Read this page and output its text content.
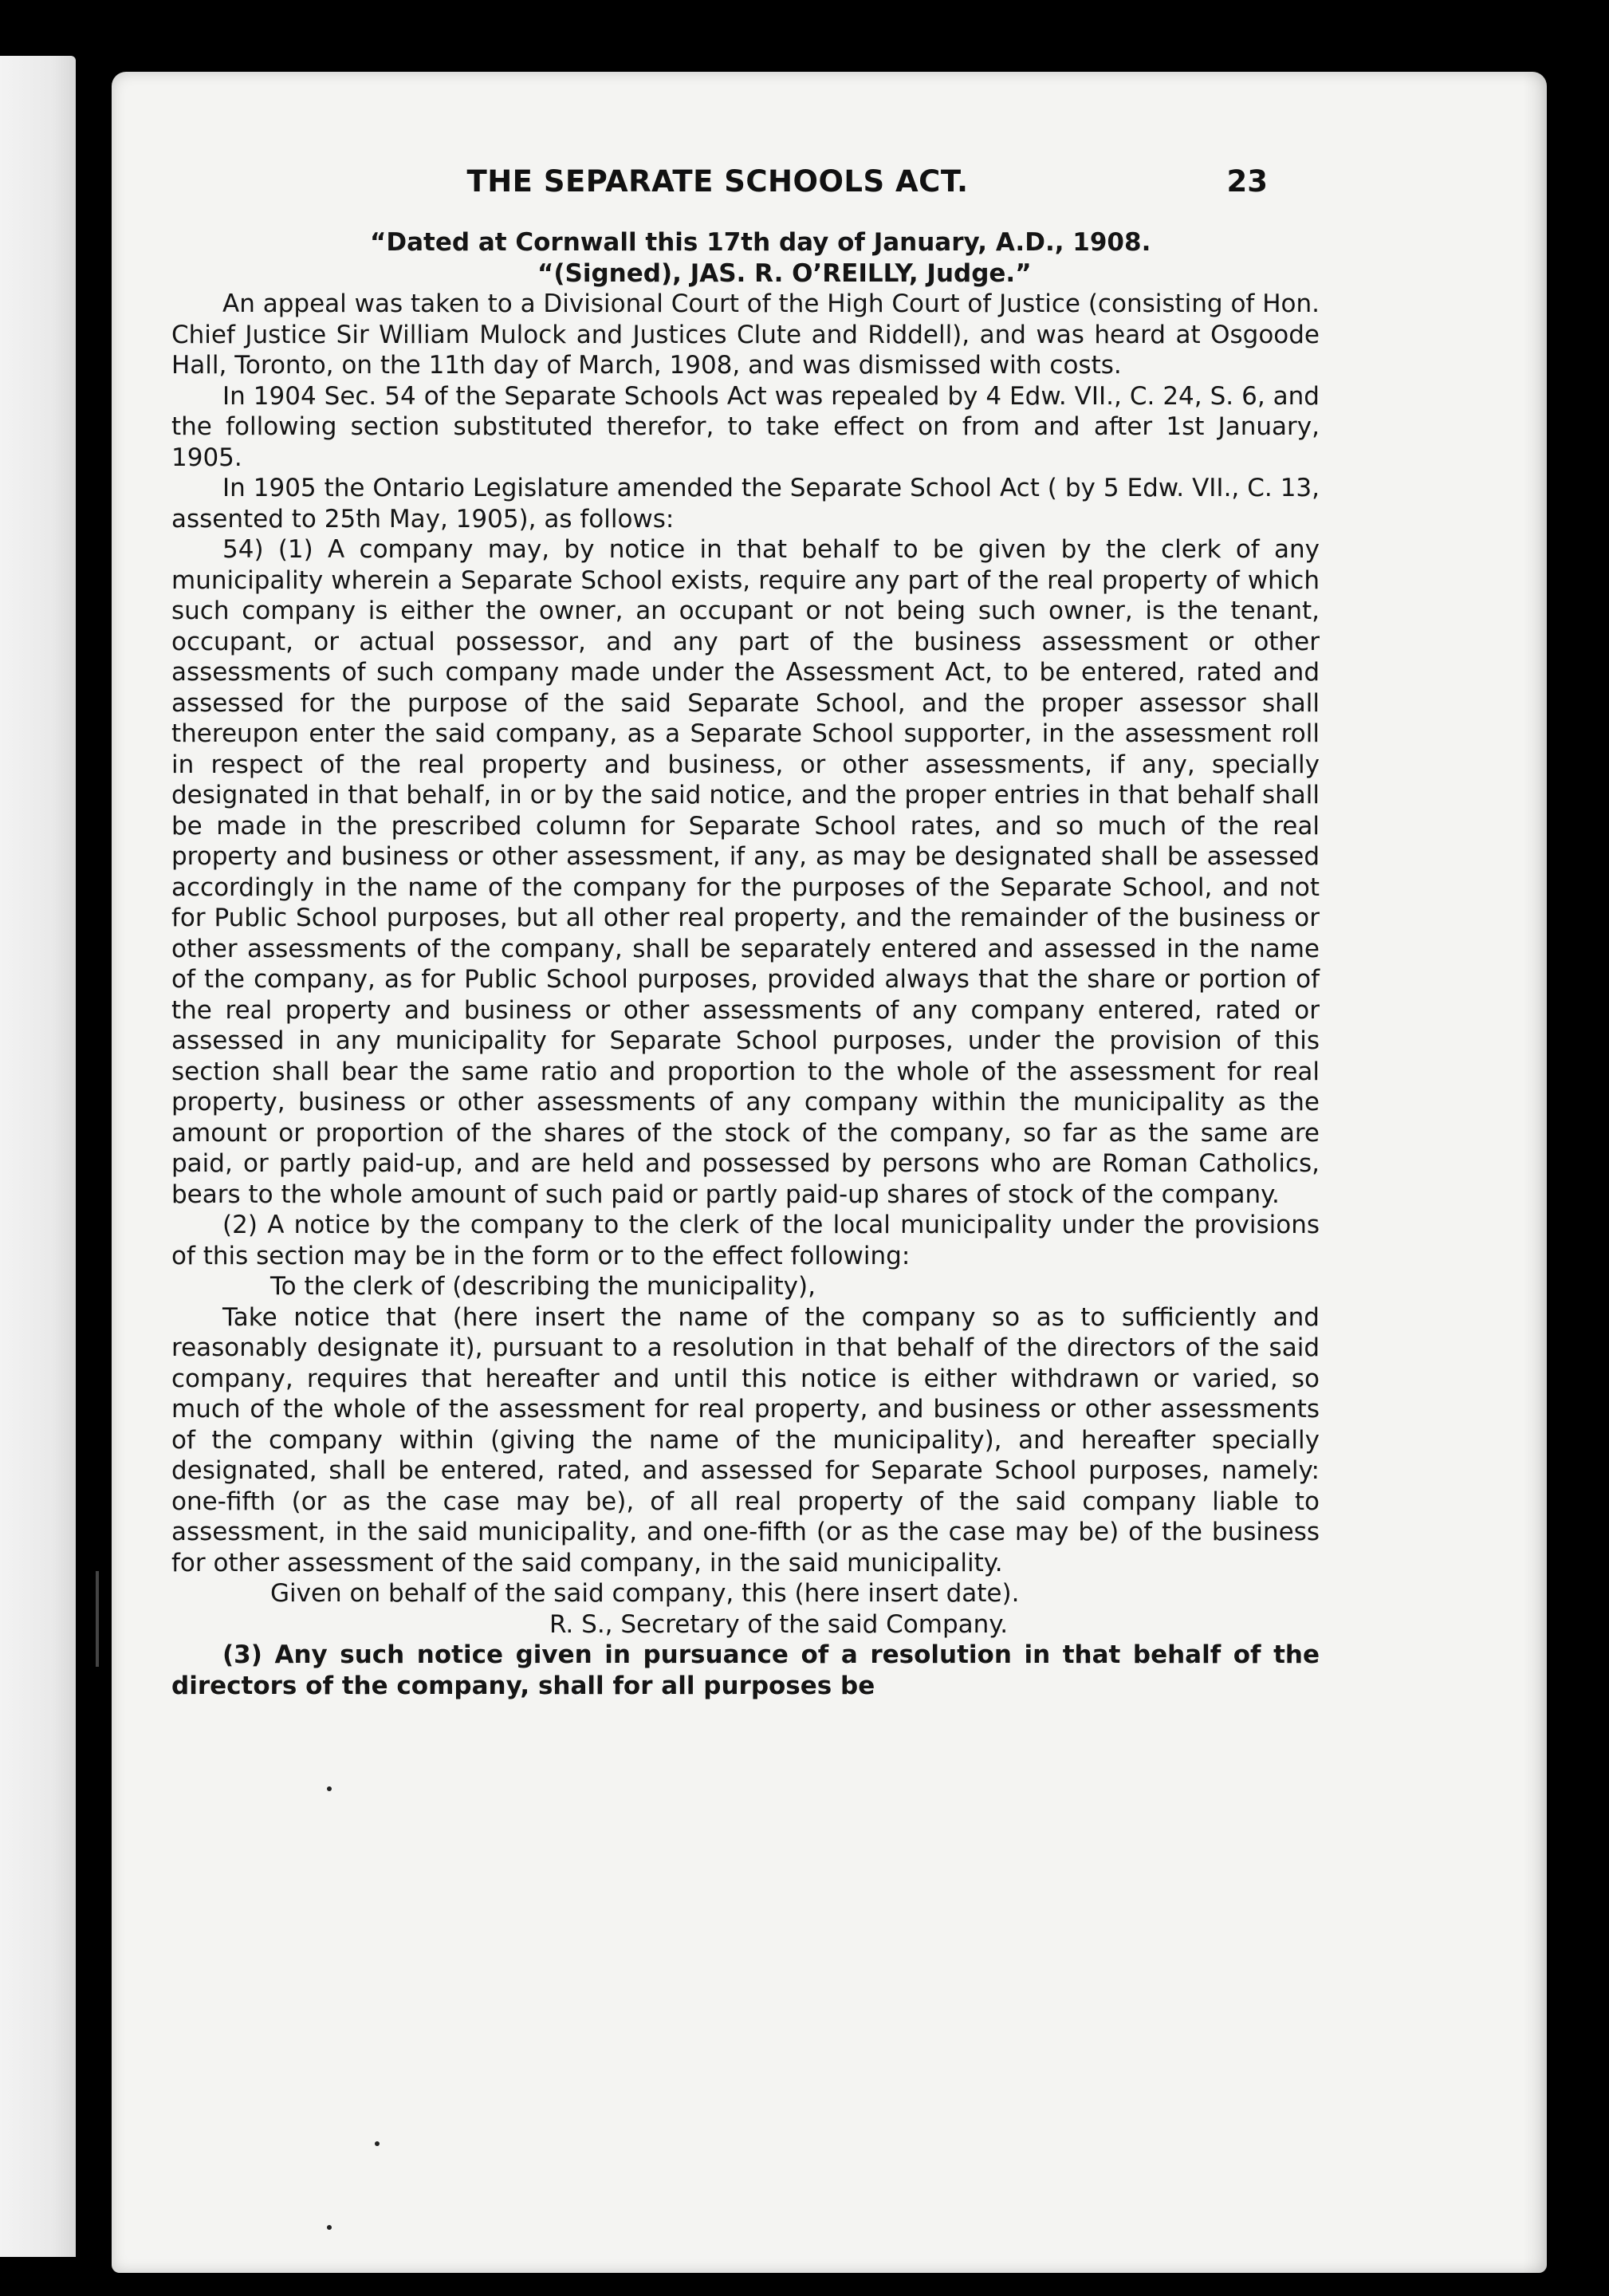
THE SEPARATE SCHOOLS ACT.	23

“Dated at Cornwall this 17th day of January, A.D., 1908.

“(Signed), JAS. R. O’REILLY, Judge.”

An appeal was taken to a Divisional Court of the High Court of Justice (consisting of Hon. Chief Justice Sir William Mulock and Justices Clute and Riddell), and was heard at Osgoode Hall, Toronto, on the 11th day of March, 1908, and was dismissed with costs.

In 1904 Sec. 54 of the Separate Schools Act was repealed by 4 Edw. VII., C. 24, S. 6, and the following section substituted therefor, to take effect on from and after 1st January, 1905.

In 1905 the Ontario Legislature amended the Separate School Act ( by 5 Edw. VII., C. 13, assented to 25th May, 1905), as follows:

54) (1) A company may, by notice in that behalf to be given by the clerk of any municipality wherein a Separate School exists, require any part of the real property of which such company is either the owner, an occupant or not being such owner, is the tenant, occupant, or actual possessor, and any part of the business assessment or other assessments of such company made under the Assessment Act, to be entered, rated and assessed for the purpose of the said Separate School, and the proper assessor shall thereupon enter the said company, as a Separate School supporter, in the assessment roll in respect of the real property and business, or other assessments, if any, specially designated in that behalf, in or by the said notice, and the proper entries in that behalf shall be made in the prescribed column for Separate School rates, and so much of the real property and business or other assessment, if any, as may be designated shall be assessed accordingly in the name of the company for the purposes of the Separate School, and not for Public School purposes, but all other real property, and the remainder of the business or other assessments of the company, shall be separately entered and assessed in the name of the company, as for Public School purposes, provided always that the share or portion of the real property and business or other assessments of any company entered, rated or assessed in any municipality for Separate School purposes, under the provision of this section shall bear the same ratio and proportion to the whole of the assessment for real property, business or other assessments of any company within the municipality as the amount or proportion of the shares of the stock of the company, so far as the same are paid, or partly paid-up, and are held and possessed by persons who are Roman Catholics, bears to the whole amount of such paid or partly paid-up shares of stock of the company.

(2) A notice by the company to the clerk of the local municipality under the provisions of this section may be in the form or to the effect following:

To the clerk of (describing the municipality),

Take notice that (here insert the name of the company so as to sufficiently and reasonably designate it), pursuant to a resolution in that behalf of the directors of the said company, requires that hereafter and until this notice is either withdrawn or varied, so much of the whole of the assessment for real property, and business or other assessments of the company within (giving the name of the municipality), and hereafter specially designated, shall be entered, rated, and assessed for Separate School purposes, namely: one-fifth (or as the case may be), of all real property of the said company liable to assessment, in the said municipality, and one-fifth (or as the case may be) of the business for other assessment of the said company, in the said municipality.

Given on behalf of the said company, this (here insert date).

R. S., Secretary of the said Company.

(3) Any such notice given in pursuance of a resolution in that behalf of the directors of the company, shall for all purposes be
